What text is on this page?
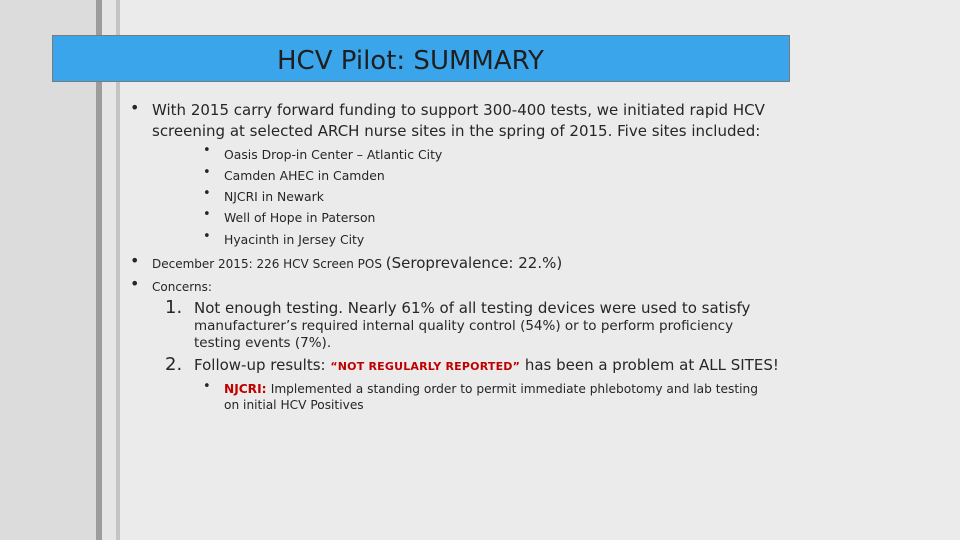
HCV Pilot: SUMMARY
• With 2015 carry forward funding to support 300-400 tests, we initiated rapid HCV
screening at selected ARCH nurse sites in the spring of 2015. Five sites included:
• Oasis Drop-in Center – Atlantic City
• Camden AHEC in Camden
• NJCRI in Newark
• Well of Hope in Paterson
• Hyacinth in Jersey City
• December 2015: 226 HCV Screen POS (Seroprevalence: 22.%)
• Concerns:
1. Not enough testing. Nearly 61% of all testing devices were used to satisfy
manufacturer’s required internal quality control (54%) or to perform proficiency
testing events (7%).
2. Follow-up results: “NOT REGULARLY REPORTED” has been a problem at ALL SITES!
• NJCRI: Implemented a standing order to permit immediate phlebotomy and lab testing
on initial HCV Positives
